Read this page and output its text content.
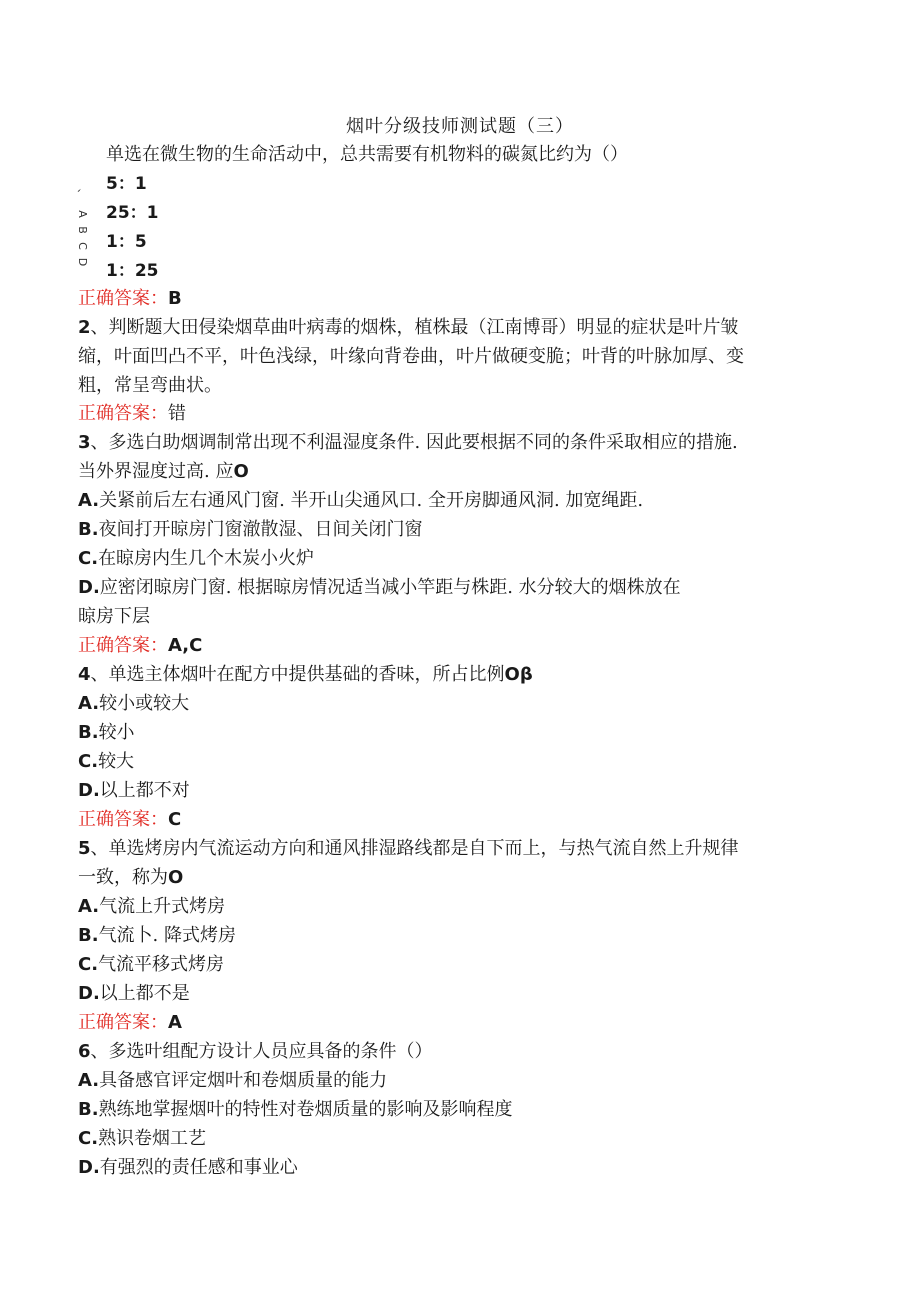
烟叶分级技师测试题（三）
单选在微生物的生命活动中，总共需要有机物料的碳氮比约为（）
、
A
B
C
D
5：1
25：1
1：5
1：25
正确答案：B
2、判断题大田侵染烟草曲叶病毒的烟株，植株最（江南博哥）明显的症状是叶片皱
缩，叶面凹凸不平，叶色浅绿，叶缘向背卷曲，叶片做硬变脆；叶背的叶脉加厚、变
粗，常呈弯曲状。
正确答案：错
3、多选白助烟调制常出现不利温湿度条件. 因此要根据不同的条件采取相应的措施.
当外界湿度过高. 应O
A.关紧前后左右通风门窗. 半开山尖通风口. 全开房脚通风洞. 加宽绳距.
B.夜间打开晾房门窗澈散湿、日间关闭门窗
C.在晾房内生几个木炭小火炉
D.应密闭晾房门窗. 根据晾房情况适当减小竿距与株距. 水分较大的烟株放在
晾房下层
正确答案：A,C
4、单选主体烟叶在配方中提供基础的香味，所占比例Oβ
A.较小或较大
B.较小
C.较大
D.以上都不对
正确答案：C
5、单选烤房内气流运动方向和通风排湿路线都是自下而上，与热气流自然上升规律
一致，称为O
A.气流上升式烤房
B.气流卜. 降式烤房
C.气流平移式烤房
D.以上都不是
正确答案：A
6、多选叶组配方设计人员应具备的条件（）
A.具备感官评定烟叶和卷烟质量的能力
B.熟练地掌握烟叶的特性对卷烟质量的影响及影响程度
C.熟识卷烟工艺
D.有强烈的责任感和事业心
